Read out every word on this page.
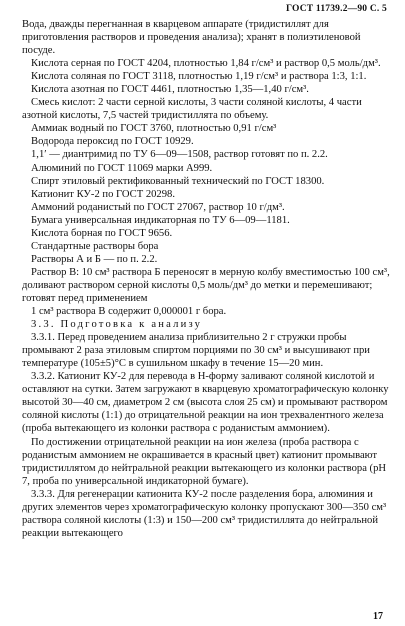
ГОСТ 11739.2—90 С. 5

Вода, дважды перегнанная в кварцевом аппарате (тридистиллят для приготовления растворов и проведения анализа); хранят в полиэтиленовой посуде.

Кислота серная по ГОСТ 4204, плотностью 1,84 г/см³ и раствор 0,5 моль/дм³.

Кислота соляная по ГОСТ 3118, плотностью 1,19 г/см³ и раствора 1:3, 1:1.

Кислота азотная по ГОСТ 4461, плотностью 1,35—1,40 г/см³.

Смесь кислот: 2 части серной кислоты, 3 части соляной кислоты, 4 части азотной кислоты, 7,5 частей тридистиллята по объему.

Аммиак водный по ГОСТ 3760, плотностью 0,91 г/см³

Водорода пероксид по ГОСТ 10929.

1,1′ — диантримид по ТУ 6—09—1508, раствор готовят по п. 2.2.

Алюминий по ГОСТ 11069 марки А999.

Спирт этиловый ректификованный технический по ГОСТ 18300.

Катионит КУ-2 по ГОСТ 20298.

Аммоний роданистый по ГОСТ 27067, раствор 10 г/дм³.

Бумага универсальная индикаторная по ТУ 6—09—1181.

Кислота борная по ГОСТ 9656.

Стандартные растворы бора

Растворы А и Б — по п. 2.2.

Раствор В: 10 см³ раствора Б переносят в мерную колбу вместимостью 100 см³, доливают раствором серной кислоты 0,5 моль/дм³ до метки и перемешивают; готовят перед применением

1 см³ раствора В содержит 0,000001 г бора.

3.3. Подготовка к анализу

3.3.1. Перед проведением анализа приблизительно 2 г стружки пробы промывают 2 раза этиловым спиртом порциями по 30 см³ и высушивают при температуре (105±5)°С в сушильном шкафу в течение 15—20 мин.

3.3.2. Катионит КУ-2 для перевода в Н-форму заливают соляной кислотой и оставляют на сутки. Затем загружают в кварцевую хроматографическую колонку высотой 30—40 см, диаметром 2 см (высота слоя 25 см) и промывают раствором соляной кислоты (1:1) до отрицательной реакции на ион трехвалентного железа (проба вытекающего из колонки раствора с роданистым аммонием).

По достижении отрицательной реакции на ион железа (проба раствора с роданистым аммонием не окрашивается в красный цвет) катионит промывают тридистиллятом до нейтральной реакции вытекающего из колонки раствора (рН 7, проба по универсальной индикаторной бумаге).

3.3.3. Для регенерации катионита КУ-2 после разделения бора, алюминия и других элементов через хроматографическую колонку пропускают 300—350 см³ раствора соляной кислоты (1:3) и 150—200 см³ тридистиллята до нейтральной реакции вытекающего

17
